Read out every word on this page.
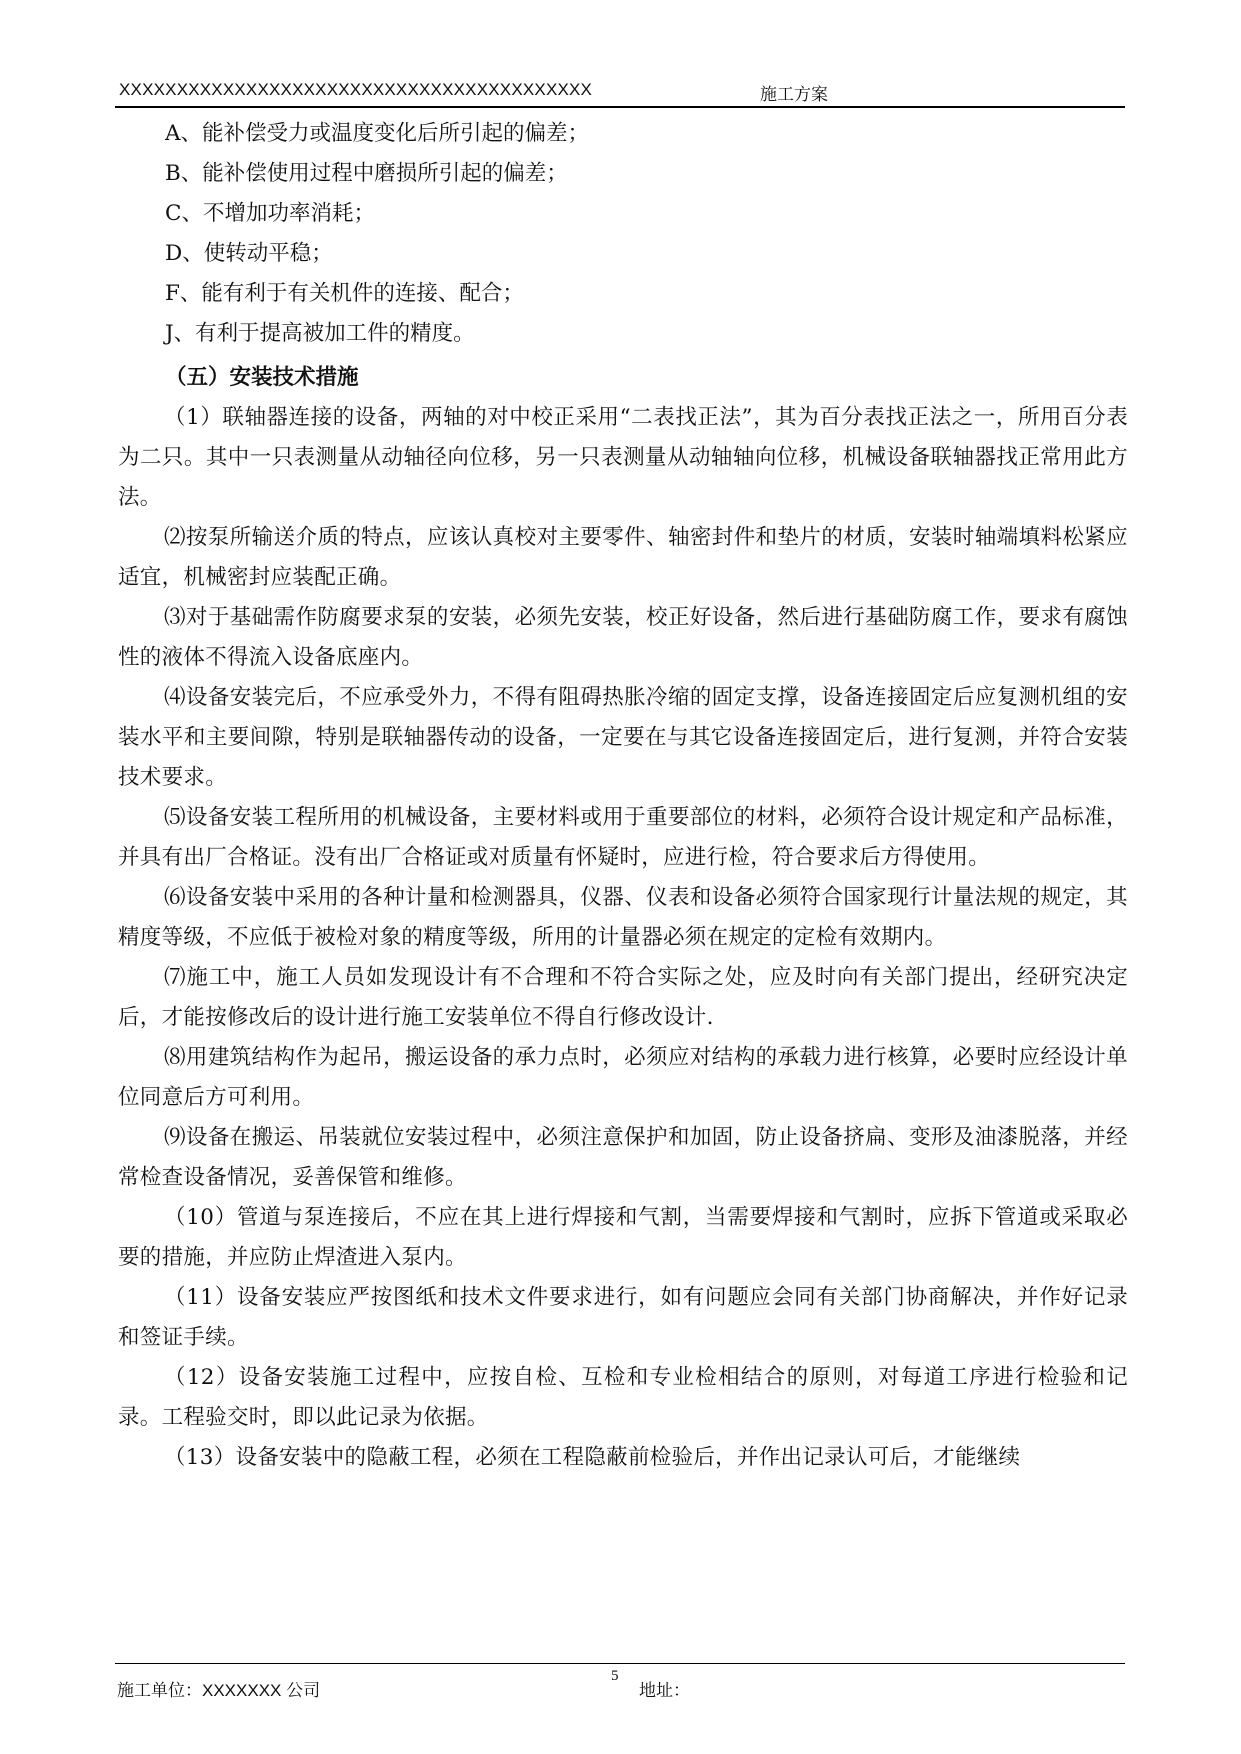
XXXXXXXXXXXXXXXXXXXXXXXXXXXXXXXXXXXXXXXXX	施工方案

A、能补偿受力或温度变化后所引起的偏差；

B、能补偿使用过程中磨损所引起的偏差；

C、不增加功率消耗；

D、使转动平稳；

F、能有利于有关机件的连接、配合；

J、有利于提高被加工件的精度。

（五）安装技术措施

（1）联轴器连接的设备，两轴的对中校正采用“二表找正法”，其为百分表找正法之一，所用百分表为二只。其中一只表测量从动轴径向位移，另一只表测量从动轴轴向位移，机械设备联轴器找正常用此方法。

⑵按泵所输送介质的特点，应该认真校对主要零件、轴密封件和垫片的材质，安装时轴端填料松紧应适宜，机械密封应装配正确。

⑶对于基础需作防腐要求泵的安装，必须先安装，校正好设备，然后进行基础防腐工作，要求有腐蚀性的液体不得流入设备底座内。

⑷设备安装完后，不应承受外力，不得有阻碍热胀冷缩的固定支撑，设备连接固定后应复测机组的安装水平和主要间隙，特别是联轴器传动的设备，一定要在与其它设备连接固定后，进行复测，并符合安装技术要求。

⑸设备安装工程所用的机械设备，主要材料或用于重要部位的材料，必须符合设计规定和产品标准，并具有出厂合格证。没有出厂合格证或对质量有怀疑时，应进行检，符合要求后方得使用。

⑹设备安装中采用的各种计量和检测器具，仪器、仪表和设备必须符合国家现行计量法规的规定，其精度等级，不应低于被检对象的精度等级，所用的计量器必须在规定的定检有效期内。

⑺施工中，施工人员如发现设计有不合理和不符合实际之处，应及时向有关部门提出，经研究决定后，才能按修改后的设计进行施工安装单位不得自行修改设计.

⑻用建筑结构作为起吊，搬运设备的承力点时，必须应对结构的承载力进行核算，必要时应经设计单位同意后方可利用。

⑼设备在搬运、吊装就位安装过程中，必须注意保护和加固，防止设备挤扁、变形及油漆脱落，并经常检查设备情况，妥善保管和维修。

（10）管道与泵连接后，不应在其上进行焊接和气割，当需要焊接和气割时，应拆下管道或采取必要的措施，并应防止焊渣进入泵内。

（11）设备安装应严按图纸和技术文件要求进行，如有问题应会同有关部门协商解决，并作好记录和签证手续。

（12）设备安装施工过程中，应按自检、互检和专业检相结合的原则，对每道工序进行检验和记录。工程验交时，即以此记录为依据。

（13）设备安装中的隐蔽工程，必须在工程隐蔽前检验后，并作出记录认可后，才能继续

施工单位：XXXXXXX 公司
5
地址：
